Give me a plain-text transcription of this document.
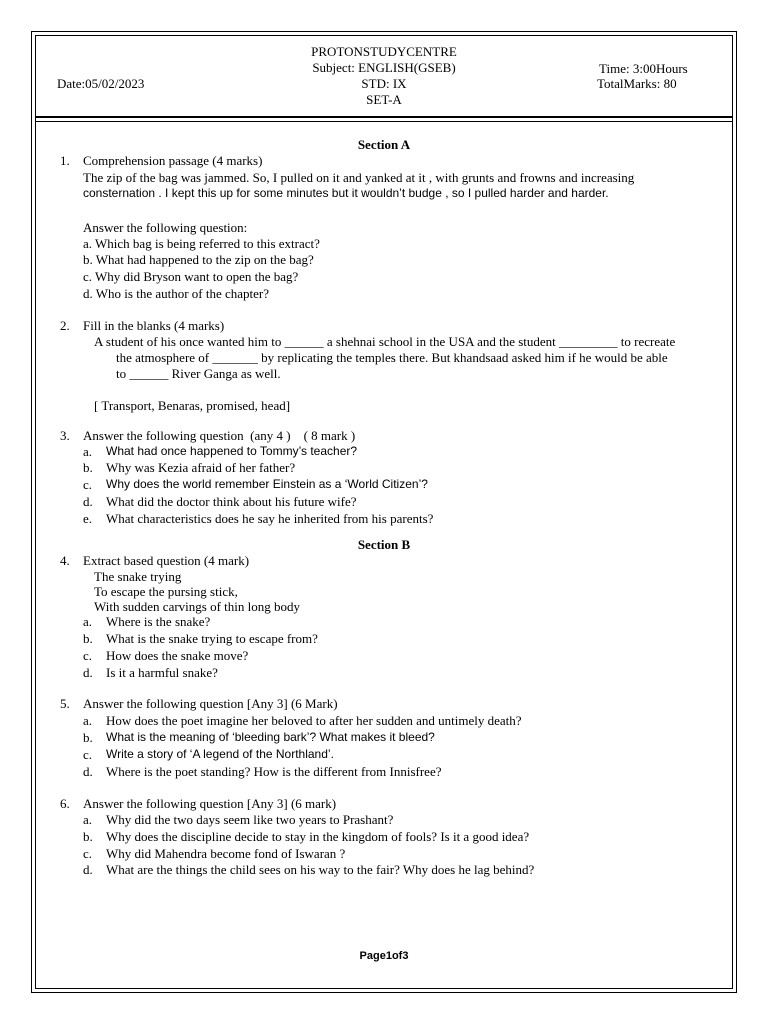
PROTONSTUDYCENTRE
Subject: ENGLISH(GSEB)
STD: IX
SET-A
Date:05/02/2023
Time: 3:00Hours
TotalMarks: 80
Section A
1. Comprehension passage (4 marks)
The zip of the bag was jammed. So, I pulled on it and yanked at it , with grunts and frowns and increasing
consternation . I kept this up for some minutes but it wouldn’t budge , so I pulled harder and harder.
Answer the following question:
a. Which bag is being referred to this extract?
b. What had happened to the zip on the bag?
c. Why did Bryson want to open the bag?
d. Who is the author of the chapter?
2. Fill in the blanks (4 marks)
A student of his once wanted him to ______ a shehnai school in the USA and the student _________ to recreate
the atmosphere of _______ by replicating the temples there. But khandsaad asked him if he would be able
to ______ River Ganga as well.
[ Transport, Benaras, promised, head]
3. Answer the following question  (any 4 )    ( 8 mark )
a. What had once happened to Tommy’s teacher?
b. Why was Kezia afraid of her father?
c. Why does the world remember Einstein as a ‘World Citizen’?
d. What did the doctor think about his future wife?
e. What characteristics does he say he inherited from his parents?
Section B
4. Extract based question (4 mark)
The snake trying
To escape the pursing stick,
With sudden carvings of thin long body
a. Where is the snake?
b. What is the snake trying to escape from?
c. How does the snake move?
d. Is it a harmful snake?
5. Answer the following question [Any 3] (6 Mark)
a. How does the poet imagine her beloved to after her sudden and untimely death?
b. What is the meaning of ‘bleeding bark’? What makes it bleed?
c. Write a story of ‘A legend of the Northland’.
d. Where is the poet standing? How is the different from Innisfree?
6. Answer the following question [Any 3] (6 mark)
a. Why did the two days seem like two years to Prashant?
b. Why does the discipline decide to stay in the kingdom of fools? Is it a good idea?
c. Why did Mahendra become fond of Iswaran ?
d. What are the things the child sees on his way to the fair? Why does he lag behind?
Page1of3
